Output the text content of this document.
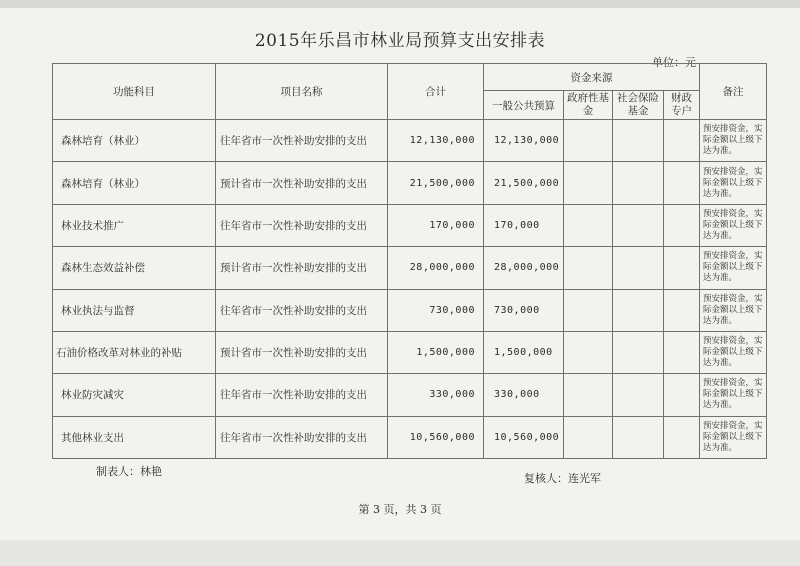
2015年乐昌市林业局预算支出安排表
单位：元
功能科目	项目名称	合计	资金来源				备注
			一般公共预算	政府性基金	社会保险基金	财政专户	
森林培育（林业）	往年省市一次性补助安排的支出	12,130,000	12,130,000				预安排资金，实际金额以上级下达为准。
森林培育（林业）	预计省市一次性补助安排的支出	21,500,000	21,500,000				预安排资金，实际金额以上级下达为准。
林业技术推广	往年省市一次性补助安排的支出	170,000	170,000				预安排资金，实际金额以上级下达为准。
森林生态效益补偿	预计省市一次性补助安排的支出	28,000,000	28,000,000				预安排资金，实际金额以上级下达为准。
林业执法与监督	往年省市一次性补助安排的支出	730,000	730,000				预安排资金，实际金额以上级下达为准。
石油价格改革对林业的补贴	预计省市一次性补助安排的支出	1,500,000	1,500,000				预安排资金，实际金额以上级下达为准。
林业防灾减灾	往年省市一次性补助安排的支出	330,000	330,000				预安排资金，实际金额以上级下达为准。
其他林业支出	往年省市一次性补助安排的支出	10,560,000	10,560,000				预安排资金，实际金额以上级下达为准。
制表人：林艳
复核人：连光军
第 3 页，共 3 页
